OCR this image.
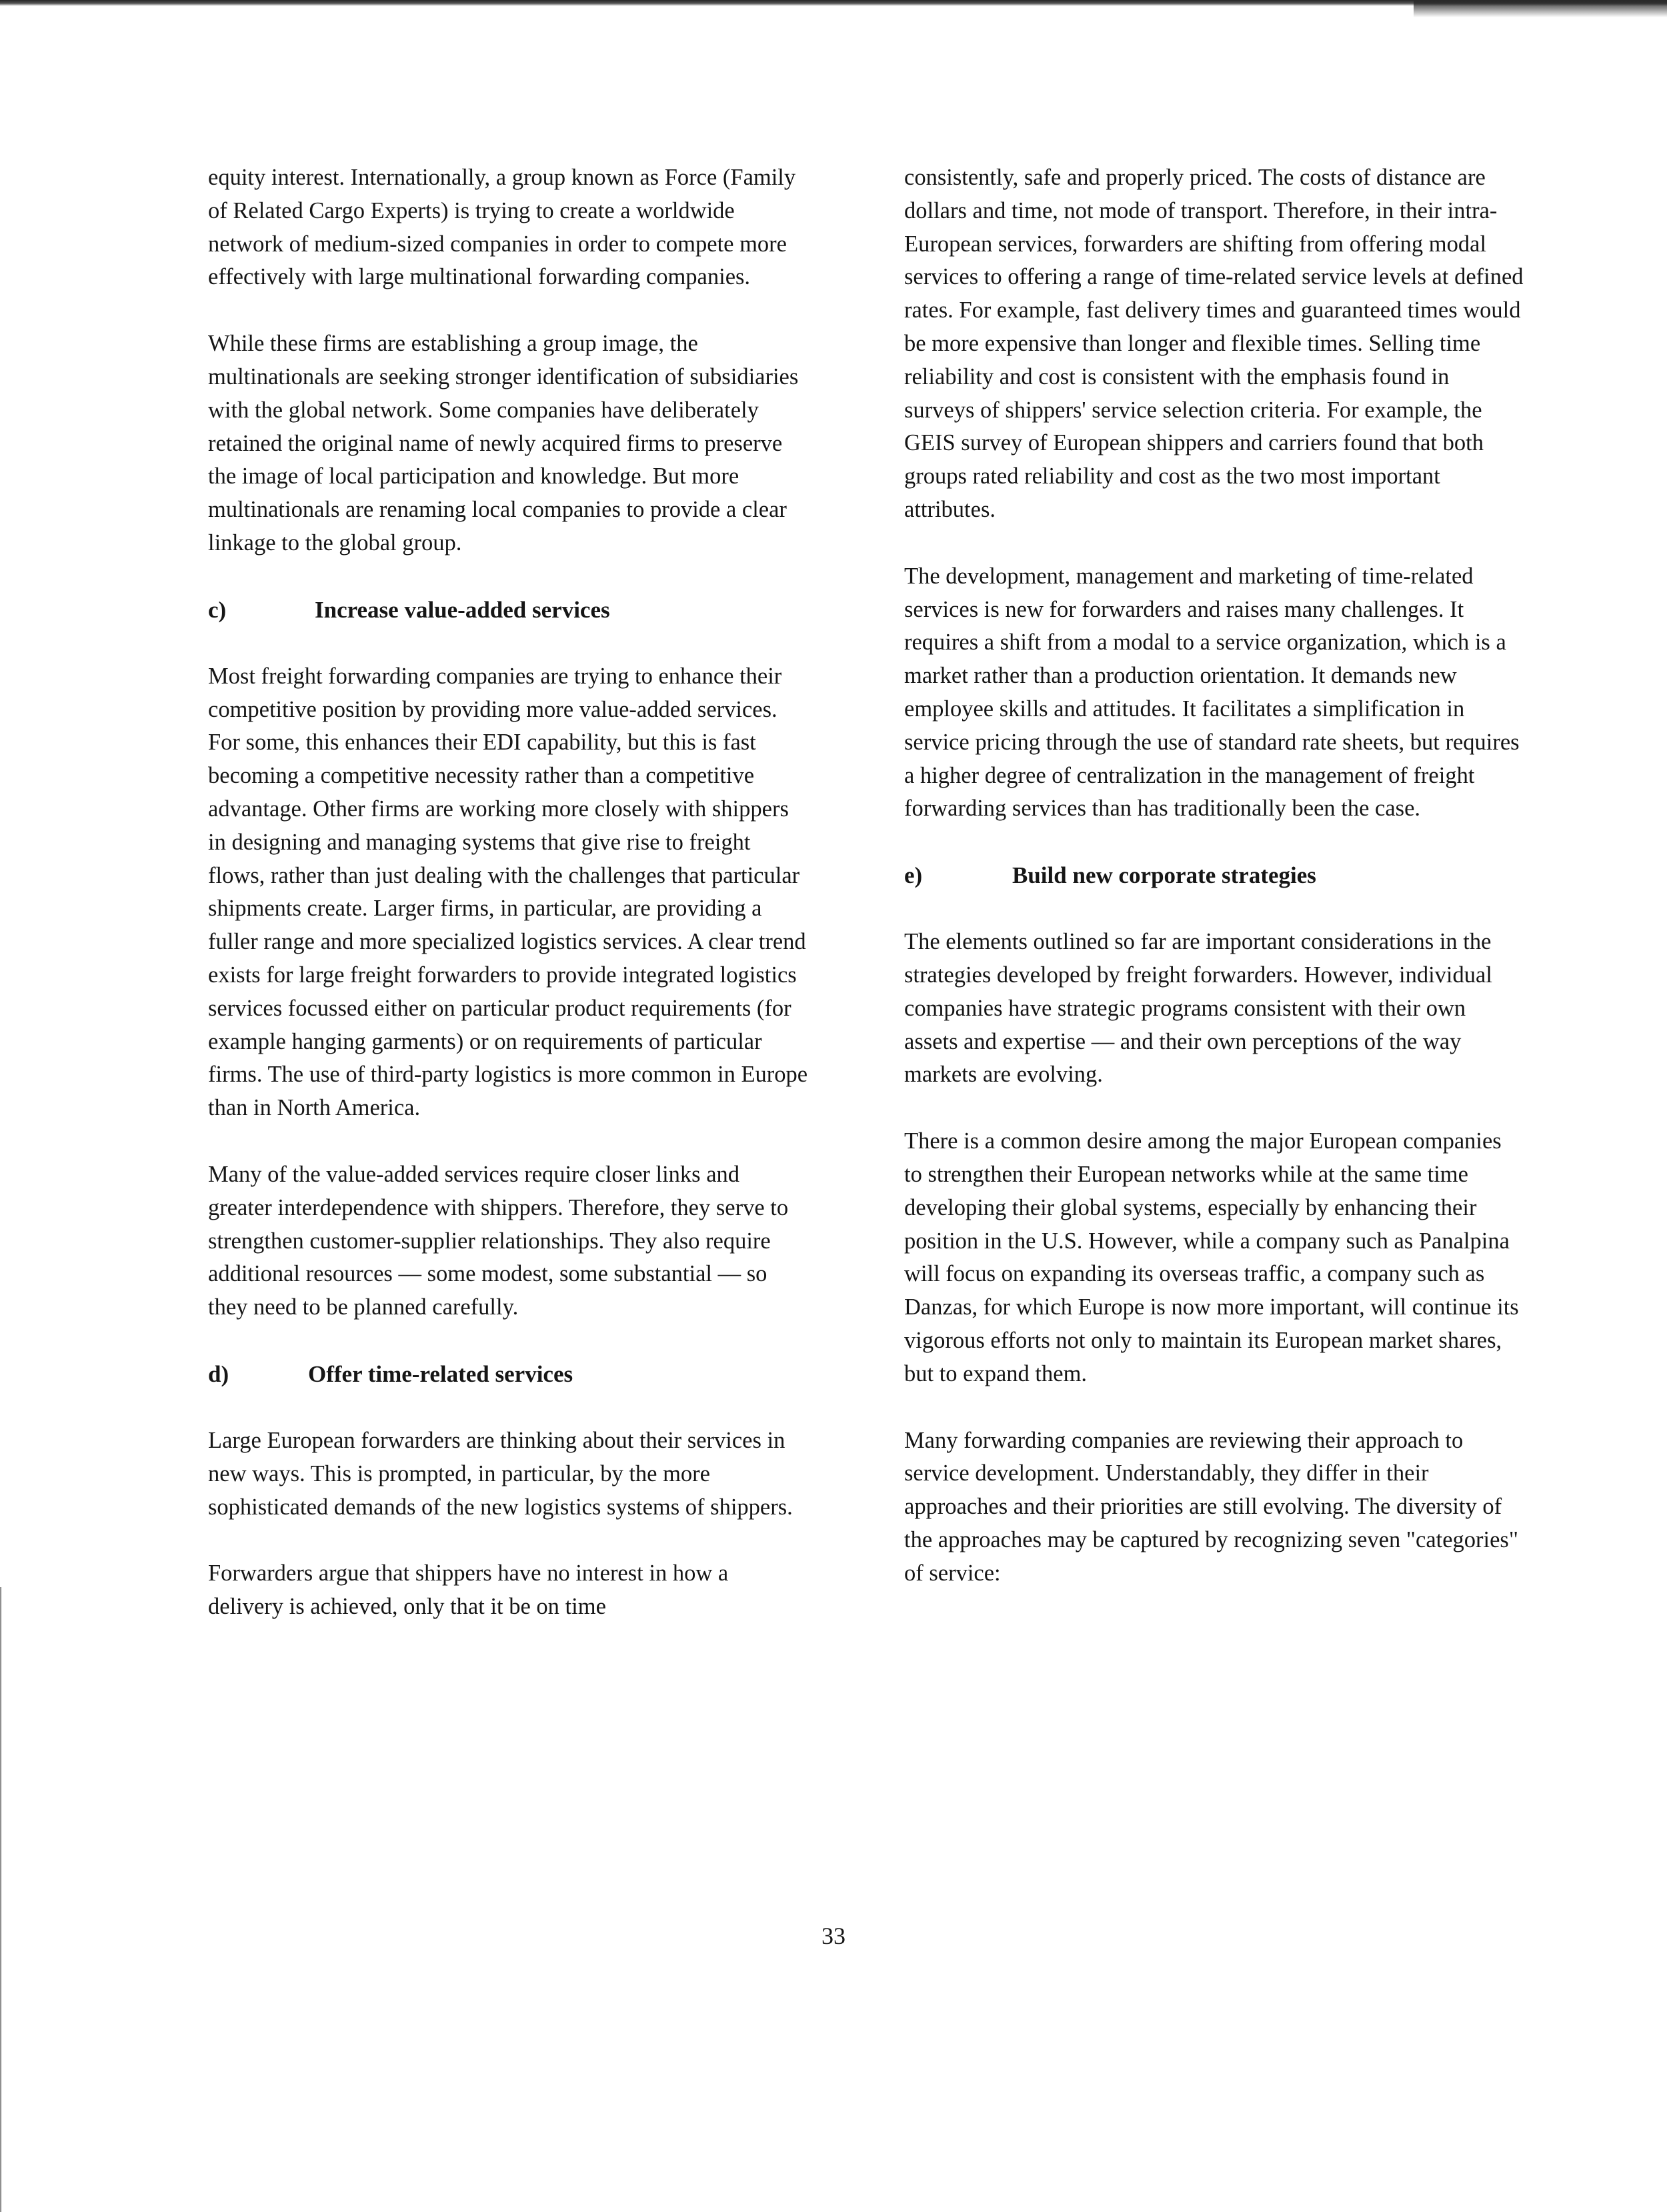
equity interest. Internationally, a group known as Force (Family of Related Cargo Experts) is trying to create a worldwide network of medium-sized companies in order to compete more effectively with large multinational forwarding companies.

While these firms are establishing a group image, the multinationals are seeking stronger identification of subsidiaries with the global network. Some companies have deliberately retained the original name of newly acquired firms to preserve the image of local participation and knowledge. But more multinationals are renaming local companies to provide a clear linkage to the global group.

c)	Increase value-added services

Most freight forwarding companies are trying to enhance their competitive position by providing more value-added services. For some, this enhances their EDI capability, but this is fast becoming a competitive necessity rather than a competitive advantage. Other firms are working more closely with shippers in designing and managing systems that give rise to freight flows, rather than just dealing with the challenges that particular shipments create. Larger firms, in particular, are providing a fuller range and more specialized logistics services. A clear trend exists for large freight forwarders to provide integrated logistics services focussed either on particular product requirements (for example hanging garments) or on requirements of particular firms. The use of third-party logistics is more common in Europe than in North America.

Many of the value-added services require closer links and greater interdependence with shippers. Therefore, they serve to strengthen customer-supplier relationships. They also require additional resources — some modest, some substantial — so they need to be planned carefully.

d)	Offer time-related services

Large European forwarders are thinking about their services in new ways. This is prompted, in particular, by the more sophisticated demands of the new logistics systems of shippers.

Forwarders argue that shippers have no interest in how a delivery is achieved, only that it be on time

consistently, safe and properly priced. The costs of distance are dollars and time, not mode of transport. Therefore, in their intra-European services, forwarders are shifting from offering modal services to offering a range of time-related service levels at defined rates. For example, fast delivery times and guaranteed times would be more expensive than longer and flexible times. Selling time reliability and cost is consistent with the emphasis found in surveys of shippers' service selection criteria. For example, the GEIS survey of European shippers and carriers found that both groups rated reliability and cost as the two most important attributes.

The development, management and marketing of time-related services is new for forwarders and raises many challenges. It requires a shift from a modal to a service organization, which is a market rather than a production orientation. It demands new employee skills and attitudes. It facilitates a simplification in service pricing through the use of standard rate sheets, but requires a higher degree of centralization in the management of freight forwarding services than has traditionally been the case.

e)	Build new corporate strategies

The elements outlined so far are important considerations in the strategies developed by freight forwarders. However, individual companies have strategic programs consistent with their own assets and expertise — and their own perceptions of the way markets are evolving.

There is a common desire among the major European companies to strengthen their European networks while at the same time developing their global systems, especially by enhancing their position in the U.S. However, while a company such as Panalpina will focus on expanding its overseas traffic, a company such as Danzas, for which Europe is now more important, will continue its vigorous efforts not only to maintain its European market shares, but to expand them.

Many forwarding companies are reviewing their approach to service development. Understandably, they differ in their approaches and their priorities are still evolving. The diversity of the approaches may be captured by recognizing seven "categories" of service:

33
